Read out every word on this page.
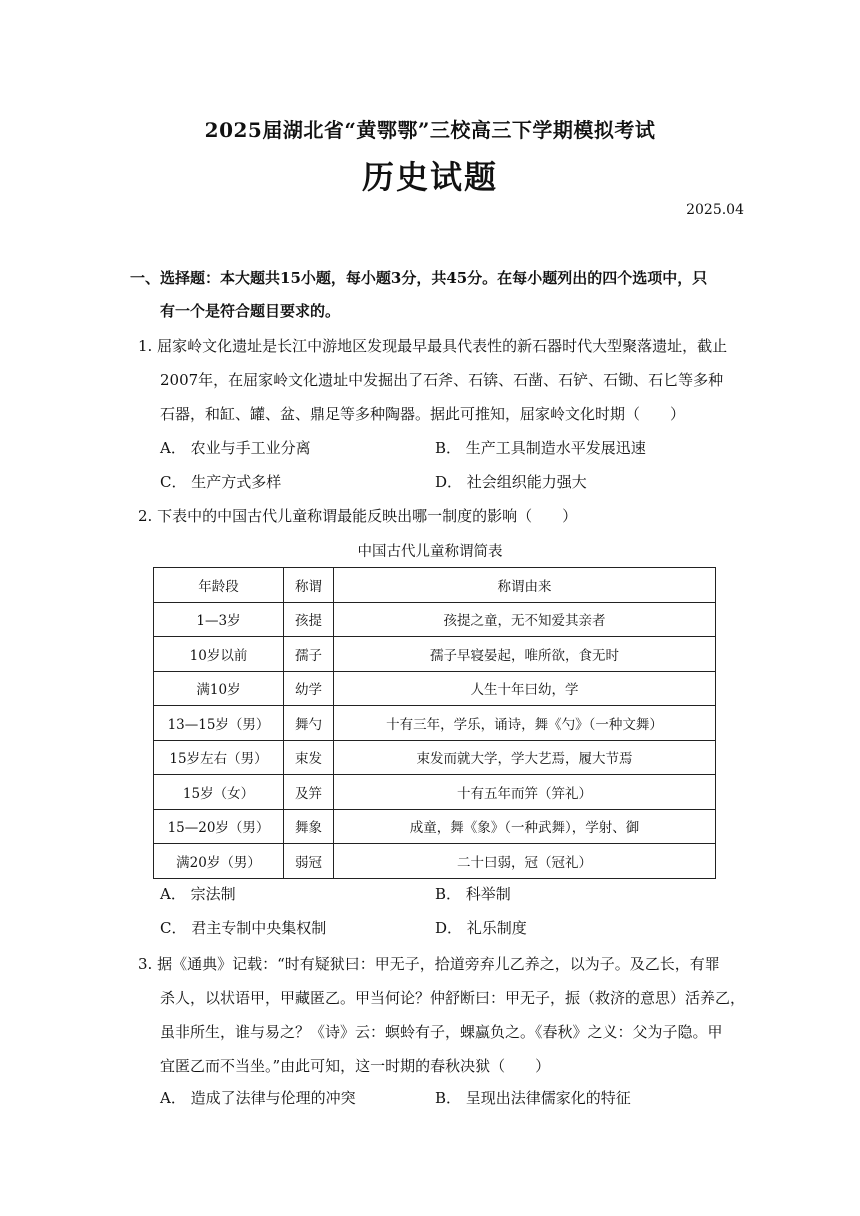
2025届湖北省“黄鄂鄂”三校高三下学期模拟考试
历史试题
2025.04
一、选择题：本大题共15小题，每小题3分，共45分。在每小题列出的四个选项中，只
有一个是符合题目要求的。
1. 屈家岭文化遗址是长江中游地区发现最早最具代表性的新石器时代大型聚落遗址，截止
2007年，在屈家岭文化遗址中发掘出了石斧、石锛、石凿、石铲、石锄、石匕等多种
石器，和缸、罐、盆、鼎足等多种陶器。据此可推知，屈家岭文化时期（　　）
A． 农业与手工业分离	B． 生产工具制造水平发展迅速
C． 生产方式多样	D． 社会组织能力强大
2. 下表中的中国古代儿童称谓最能反映出哪一制度的影响（　　）
中国古代儿童称谓简表
年龄段	称谓	称谓由来
1—3岁	孩提	孩提之童，无不知爱其亲者
10岁以前	孺子	孺子早寝晏起，唯所欲，食无时
满10岁	幼学	人生十年曰幼，学
13—15岁（男）	舞勺	十有三年，学乐，诵诗，舞《勺》（一种文舞）
15岁左右（男）	束发	束发而就大学，学大艺焉，履大节焉
15岁（女）	及笄	十有五年而笄（笄礼）
15—20岁（男）	舞象	成童，舞《象》（一种武舞），学射、御
满20岁（男）	弱冠	二十曰弱，冠（冠礼）
A． 宗法制	B． 科举制
C． 君主专制中央集权制	D． 礼乐制度
3. 据《通典》记载：“时有疑狱曰：甲无子，拾道旁弃儿乙养之，以为子。及乙长，有罪
杀人，以状语甲，甲藏匿乙。甲当何论？仲舒断曰：甲无子，振（救济的意思）活养乙，
虽非所生，谁与易之？《诗》云：螟蛉有子，蜾蠃负之。《春秋》之义：父为子隐。甲
宜匿乙而不当坐。”由此可知，这一时期的春秋决狱（　　）
A． 造成了法律与伦理的冲突	B． 呈现出法律儒家化的特征
